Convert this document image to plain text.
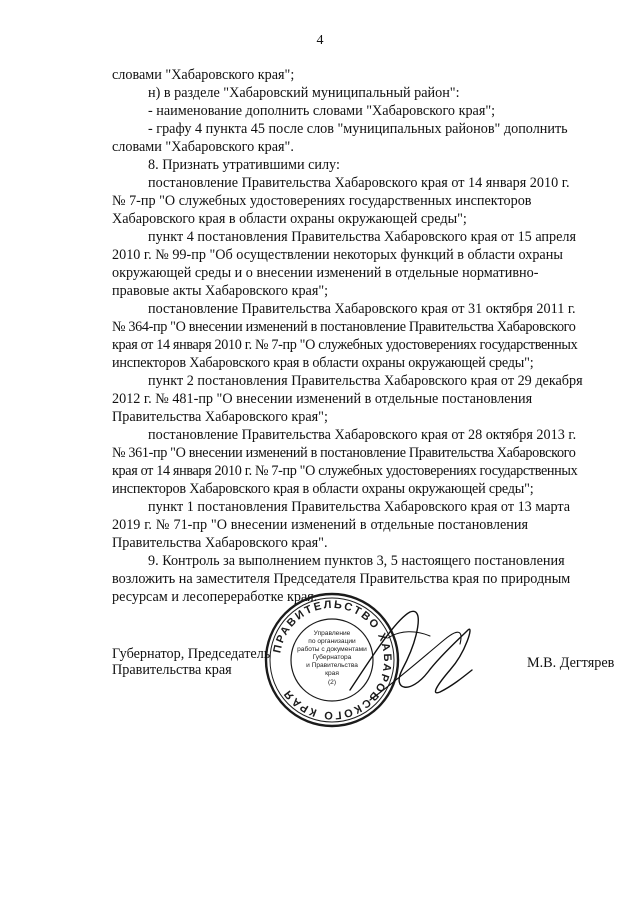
4
словами "Хабаровского края";
н) в разделе "Хабаровский муниципальный район":
- наименование дополнить словами "Хабаровского края";
- графу 4 пункта 45 после слов "муниципальных районов" дополнить
словами "Хабаровского края".
8. Признать утратившими силу:
постановление Правительства Хабаровского края от 14 января 2010 г.
№ 7-пр "О служебных удостоверениях государственных инспекторов
Хабаровского края в области охраны окружающей среды";
пункт 4 постановления Правительства Хабаровского края от 15 апреля
2010 г. № 99-пр "Об осуществлении некоторых функций в области охраны
окружающей среды и о внесении изменений в отдельные нормативно-
правовые акты Хабаровского края";
постановление Правительства Хабаровского края от 31 октября 2011 г.
№ 364-пр "О внесении изменений в постановление Правительства Хабаровского
края от 14 января 2010 г. № 7-пр "О служебных удостоверениях государственных
инспекторов Хабаровского края в области охраны окружающей среды";
пункт 2 постановления Правительства Хабаровского края от 29 декабря
2012 г. № 481-пр "О внесении изменений в отдельные постановления
Правительства Хабаровского края";
постановление Правительства Хабаровского края от 28 октября 2013 г.
№ 361-пр "О внесении изменений в постановление Правительства Хабаровского
края от 14 января 2010 г. № 7-пр "О служебных удостоверениях государственных
инспекторов Хабаровского края в области охраны окружающей среды";
пункт 1 постановления Правительства Хабаровского края от 13 марта
2019 г. № 71-пр "О внесении изменений в отдельные постановления
Правительства Хабаровского края".
9. Контроль за выполнением пунктов 3, 5 настоящего постановления
возложить на заместителя Председателя Правительства края по природным
ресурсам и лесопереработке края.
ПРАВИТЕЛЬСТВО ХАБАРОВСКОГО КРАЯ
Управление
по организации
работы с документами
Губернатора
и Правительства
края
(2)
Губернатор, Председатель
Правительства края	М.В. Дегтярев
